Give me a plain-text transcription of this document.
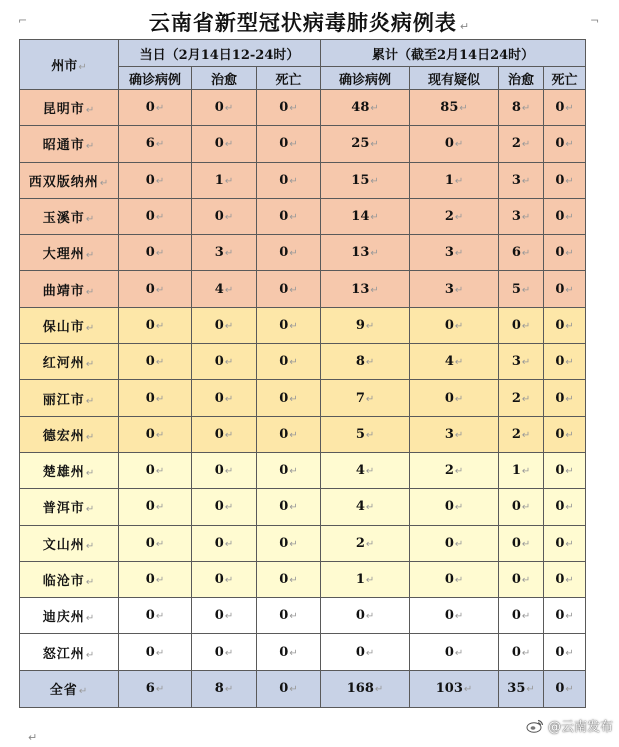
⌐	¬
云南省新型冠状病毒肺炎病例表 ↵
州市↵	当日（2月14日12-24时）			累计（截至2月14日24时）			
	确诊病例	治愈	死亡	确诊病例	现有疑似	治愈	死亡
昆明市↵	0↵	0↵	0↵	48↵	85↵	8↵	0↵
昭通市↵	6↵	0↵	0↵	25↵	0↵	2↵	0↵
西双版纳州↵	0↵	1↵	0↵	15↵	1↵	3↵	0↵
玉溪市↵	0↵	0↵	0↵	14↵	2↵	3↵	0↵
大理州↵	0↵	3↵	0↵	13↵	3↵	6↵	0↵
曲靖市↵	0↵	4↵	0↵	13↵	3↵	5↵	0↵
保山市↵	0↵	0↵	0↵	9↵	0↵	0↵	0↵
红河州↵	0↵	0↵	0↵	8↵	4↵	3↵	0↵
丽江市↵	0↵	0↵	0↵	7↵	0↵	2↵	0↵
德宏州↵	0↵	0↵	0↵	5↵	3↵	2↵	0↵
楚雄州↵	0↵	0↵	0↵	4↵	2↵	1↵	0↵
普洱市↵	0↵	0↵	0↵	4↵	0↵	0↵	0↵
文山州↵	0↵	0↵	0↵	2↵	0↵	0↵	0↵
临沧市↵	0↵	0↵	0↵	1↵	0↵	0↵	0↵
迪庆州↵	0↵	0↵	0↵	0↵	0↵	0↵	0↵
怒江州↵	0↵	0↵	0↵	0↵	0↵	0↵	0↵
全省↵	6↵	8↵	0↵	168↵	103↵	35↵	0↵
↵
@云南发布
